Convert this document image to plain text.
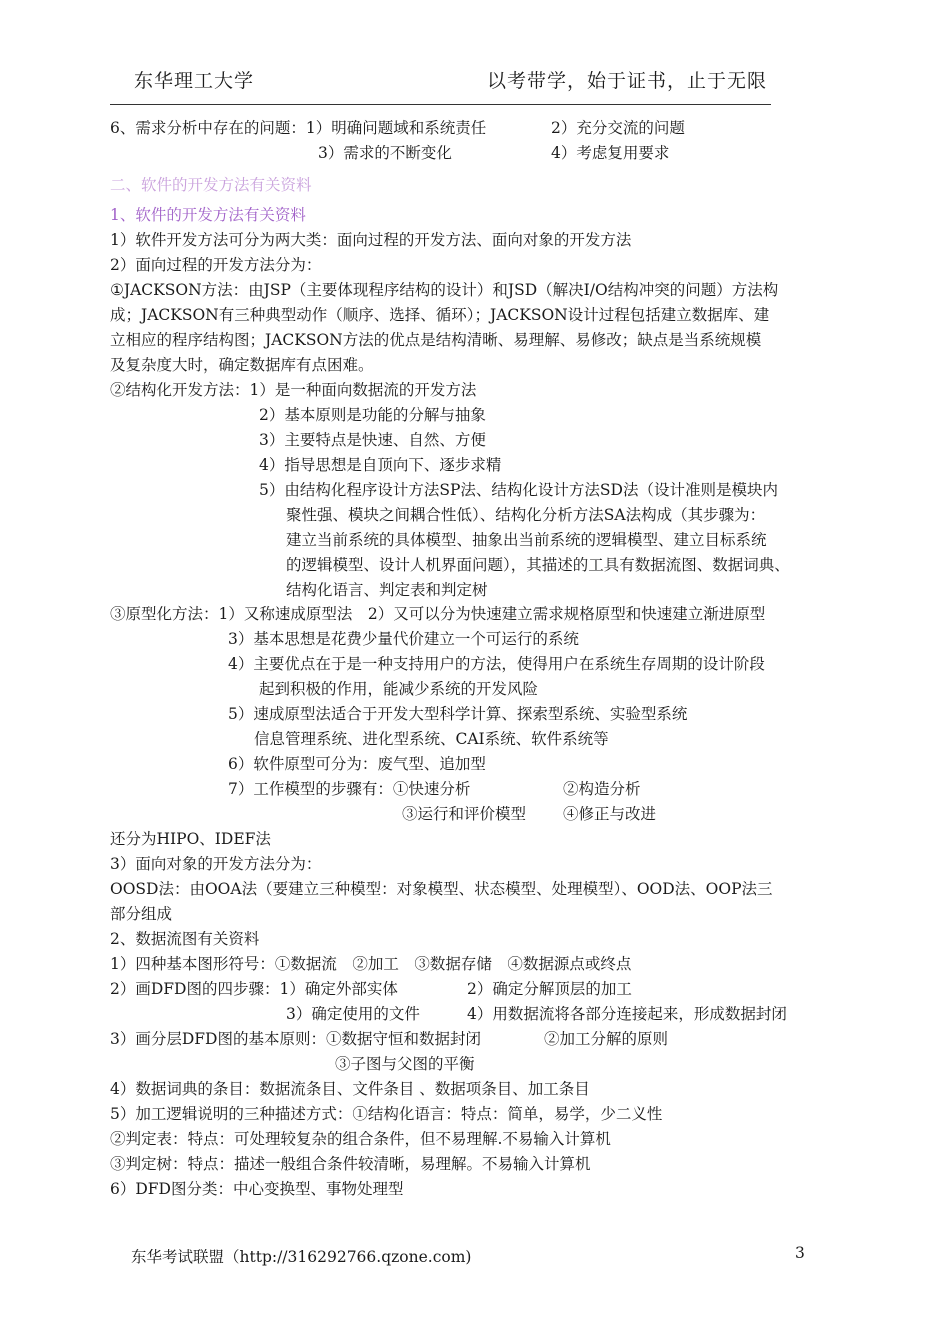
东华理工大学	以考带学，始于证书，止于无限
6、需求分析中存在的问题：1）明确问题域和系统责任	2）充分交流的问题
3）需求的不断变化	4）考虑复用要求
二、软件的开发方法有关资料
1、软件的开发方法有关资料
1）软件开发方法可分为两大类：面向过程的开发方法、面向对象的开发方法
2）面向过程的开发方法分为：
①JACKSON方法：由JSP（主要体现程序结构的设计）和JSD（解决I/O结构冲突的问题）方法构
成；JACKSON有三种典型动作（顺序、选择、循环）；JACKSON设计过程包括建立数据库、建
立相应的程序结构图；JACKSON方法的优点是结构清晰、易理解、易修改；缺点是当系统规模
及复杂度大时，确定数据库有点困难。
②结构化开发方法：1）是一种面向数据流的开发方法
2）基本原则是功能的分解与抽象
3）主要特点是快速、自然、方便
4）指导思想是自顶向下、逐步求精
5）由结构化程序设计方法SP法、结构化设计方法SD法（设计准则是模块内
聚性强、模块之间耦合性低）、结构化分析方法SA法构成（其步骤为：
建立当前系统的具体模型、抽象出当前系统的逻辑模型、建立目标系统
的逻辑模型、设计人机界面问题），其描述的工具有数据流图、数据词典、
结构化语言、判定表和判定树
③原型化方法：1）又称速成原型法　2）又可以分为快速建立需求规格原型和快速建立渐进原型
3）基本思想是花费少量代价建立一个可运行的系统
4）主要优点在于是一种支持用户的方法，使得用户在系统生存周期的设计阶段
起到积极的作用，能减少系统的开发风险
5）速成原型法适合于开发大型科学计算、探索型系统、实验型系统
信息管理系统、进化型系统、CAI系统、软件系统等
6）软件原型可分为：废气型、追加型
7）工作模型的步骤有：①快速分析	②构造分析
③运行和评价模型 ④修正与改进
还分为HIPO、IDEF法
3）面向对象的开发方法分为：
OOSD法：由OOA法（要建立三种模型：对象模型、状态模型、处理模型）、OOD法、OOP法三
部分组成
2、数据流图有关资料
1）四种基本图形符号：①数据流　②加工　③数据存储　④数据源点或终点
2）画DFD图的四步骤：1）确定外部实体	2）确定分解顶层的加工
3）确定使用的文件	4）用数据流将各部分连接起来，形成数据封闭
3）画分层DFD图的基本原则：①数据守恒和数据封闭	②加工分解的原则
③子图与父图的平衡
4）数据词典的条目：数据流条目、文件条目 、数据项条目、加工条目
5）加工逻辑说明的三种描述方式：①结构化语言：特点：简单，易学，少二义性
②判定表：特点：可处理较复杂的组合条件，但不易理解.不易输入计算机
③判定树：特点：描述一般组合条件较清晰，易理解。不易输入计算机
6）DFD图分类：中心变换型、事物处理型
东华考试联盟（http://316292766.qzone.com)	3
